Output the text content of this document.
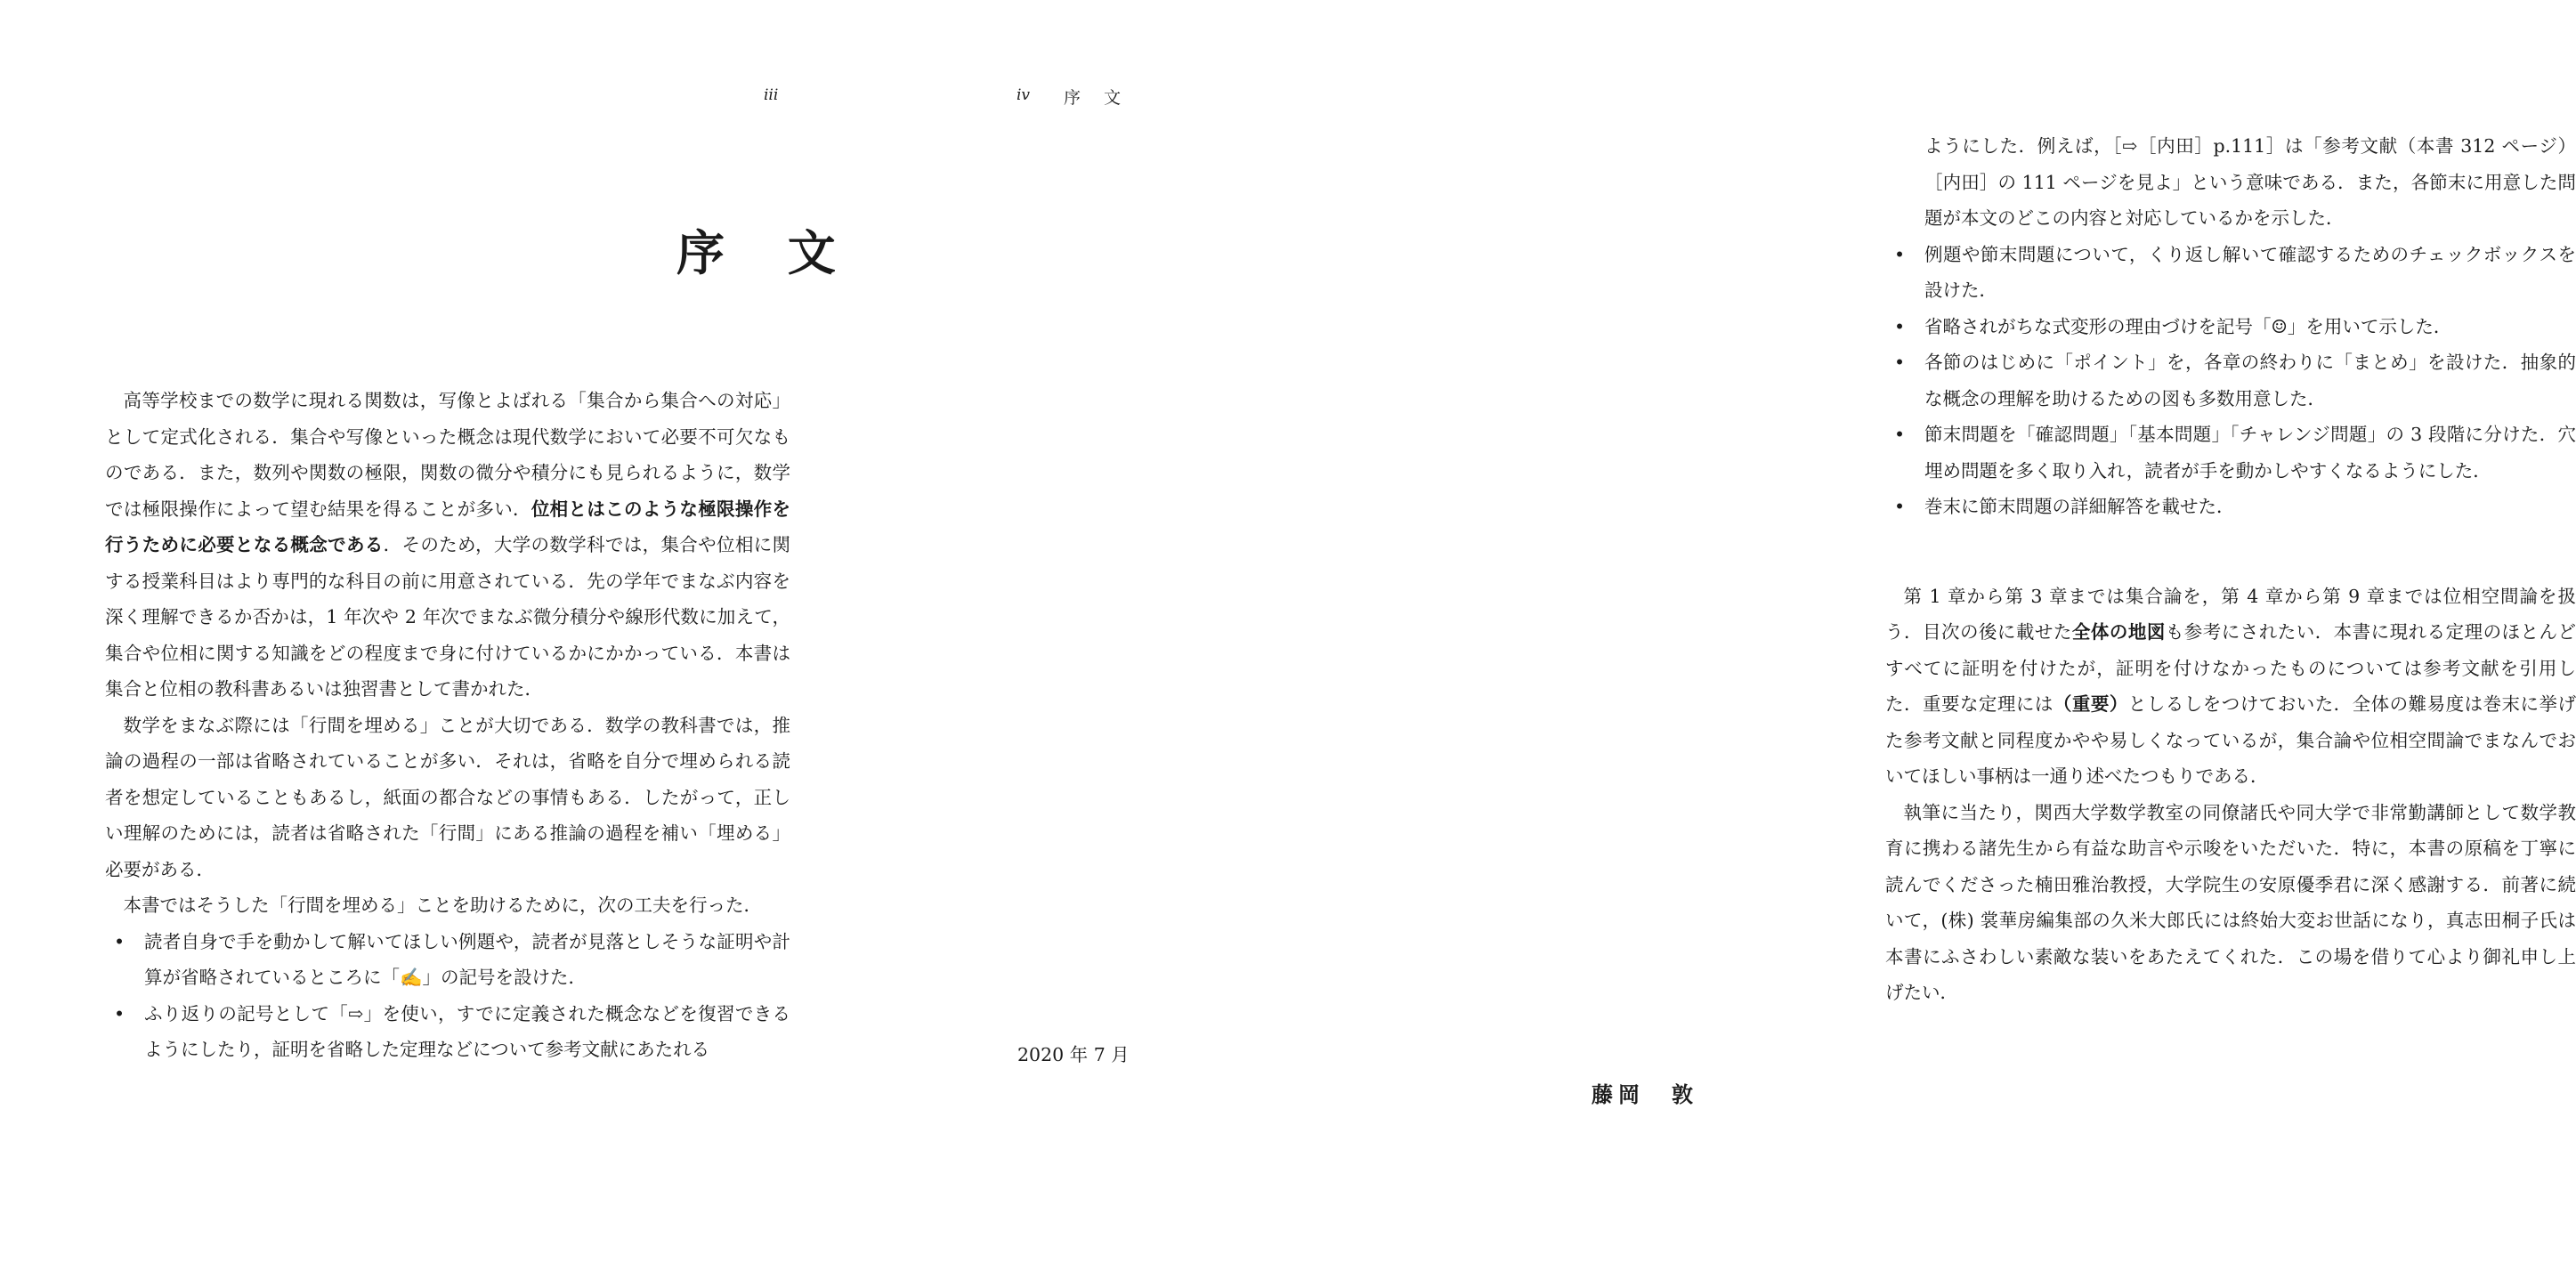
iii
序 文

高等学校までの数学に現れる関数は，写像とよばれる「集合から集合への対応」として定式化される．集合や写像といった概念は現代数学において必要不可欠なものである．また，数列や関数の極限，関数の微分や積分にも見られるように，数学では極限操作によって望む結果を得ることが多い．位相とはこのような極限操作を行うために必要となる概念である．そのため，大学の数学科では，集合や位相に関する授業科目はより専門的な科目の前に用意されている．先の学年でまなぶ内容を深く理解できるか否かは，1 年次や 2 年次でまなぶ微分積分や線形代数に加えて，集合や位相に関する知識をどの程度まで身に付けているかにかかっている．本書は集合と位相の教科書あるいは独習書として書かれた．

数学をまなぶ際には「行間を埋める」ことが大切である．数学の教科書では，推論の過程の一部は省略されていることが多い．それは，省略を自分で埋められる読者を想定していることもあるし，紙面の都合などの事情もある．したがって，正しい理解のためには，読者は省略された「行間」にある推論の過程を補い「埋める」必要がある．

本書ではそうした「行間を埋める」ことを助けるために，次の工夫を行った．

• 読者自身で手を動かして解いてほしい例題や，読者が見落としそうな証明や計算が省略されているところに「✍」の記号を設けた．
• ふり返りの記号として「⇨」を使い，すでに定義された概念などを復習できるようにしたり，証明を省略した定理などについて参考文献にあたれる
iv 序 文

ようにした．例えば，［⇨［内田］p.111］は「参考文献（本書 312 ページ）［内田］の 111 ページを見よ」という意味である．また，各節末に用意した問題が本文のどこの内容と対応しているかを示した．

• 例題や節末問題について，くり返し解いて確認するためのチェックボックスを設けた．
• 省略されがちな式変形の理由づけを記号「☺」を用いて示した．
• 各節のはじめに「ポイント」を，各章の終わりに「まとめ」を設けた．抽象的な概念の理解を助けるための図も多数用意した．
• 節末問題を「確認問題」「基本問題」「チャレンジ問題」の 3 段階に分けた．穴埋め問題を多く取り入れ，読者が手を動かしやすくなるようにした．
• 巻末に節末問題の詳細解答を載せた．

第 1 章から第 3 章までは集合論を，第 4 章から第 9 章までは位相空間論を扱う．目次の後に載せた全体の地図も参考にされたい．本書に現れる定理のほとんどすべてに証明を付けたが，証明を付けなかったものについては参考文献を引用した．重要な定理には（重要）としるしをつけておいた．全体の難易度は巻末に挙げた参考文献と同程度かやや易しくなっているが，集合論や位相空間論でまなんでおいてほしい事柄は一通り述べたつもりである．

執筆に当たり，関西大学数学教室の同僚諸氏や同大学で非常勤講師として数学教育に携わる諸先生から有益な助言や示唆をいただいた．特に，本書の原稿を丁寧に読んでくださった楠田雅治教授，大学院生の安原優季君に深く感謝する．前著に続いて，(株) 裳華房編集部の久米大郎氏には終始大変お世話になり，真志田桐子氏は本書にふさわしい素敵な装いをあたえてくれた．この場を借りて心より御礼申し上げたい．

2020 年 7 月
藤岡　敦
